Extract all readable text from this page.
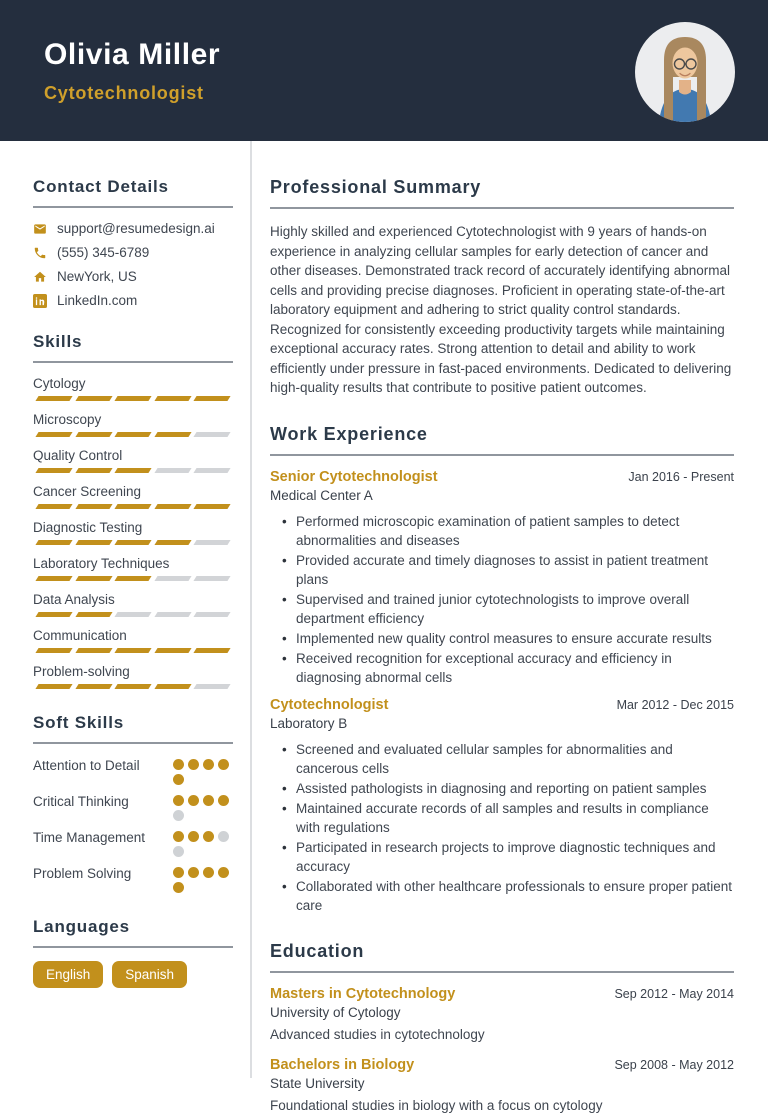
Olivia Miller
Cytotechnologist
Contact Details
support@resumedesign.ai
(555) 345-6789
NewYork, US
LinkedIn.com
Skills
Cytology
Microscopy
Quality Control
Cancer Screening
Diagnostic Testing
Laboratory Techniques
Data Analysis
Communication
Problem-solving
Soft Skills
Attention to Detail
Critical Thinking
Time Management
Problem Solving
Languages
English	Spanish
Professional Summary

Highly skilled and experienced Cytotechnologist with 9 years of hands-on experience in analyzing cellular samples for early detection of cancer and other diseases. Demonstrated track record of accurately identifying abnormal cells and providing precise diagnoses. Proficient in operating state-of-the-art laboratory equipment and adhering to strict quality control standards. Recognized for consistently exceeding productivity targets while maintaining exceptional accuracy rates. Strong attention to detail and ability to work efficiently under pressure in fast-paced environments. Dedicated to delivering high-quality results that contribute to positive patient outcomes.

Work Experience
Senior Cytotechnologist	Jan 2016 - Present
Medical Center A
• Performed microscopic examination of patient samples to detect abnormalities and diseases
• Provided accurate and timely diagnoses to assist in patient treatment plans
• Supervised and trained junior cytotechnologists to improve overall department efficiency
• Implemented new quality control measures to ensure accurate results
• Received recognition for exceptional accuracy and efficiency in diagnosing abnormal cells
Cytotechnologist	Mar 2012 - Dec 2015
Laboratory B
• Screened and evaluated cellular samples for abnormalities and cancerous cells
• Assisted pathologists in diagnosing and reporting on patient samples
• Maintained accurate records of all samples and results in compliance with regulations
• Participated in research projects to improve diagnostic techniques and accuracy
• Collaborated with other healthcare professionals to ensure proper patient care
Education
Masters in Cytotechnology	Sep 2012 - May 2014
University of Cytology
Advanced studies in cytotechnology
Bachelors in Biology	Sep 2008 - May 2012
State University
Foundational studies in biology with a focus on cytology
